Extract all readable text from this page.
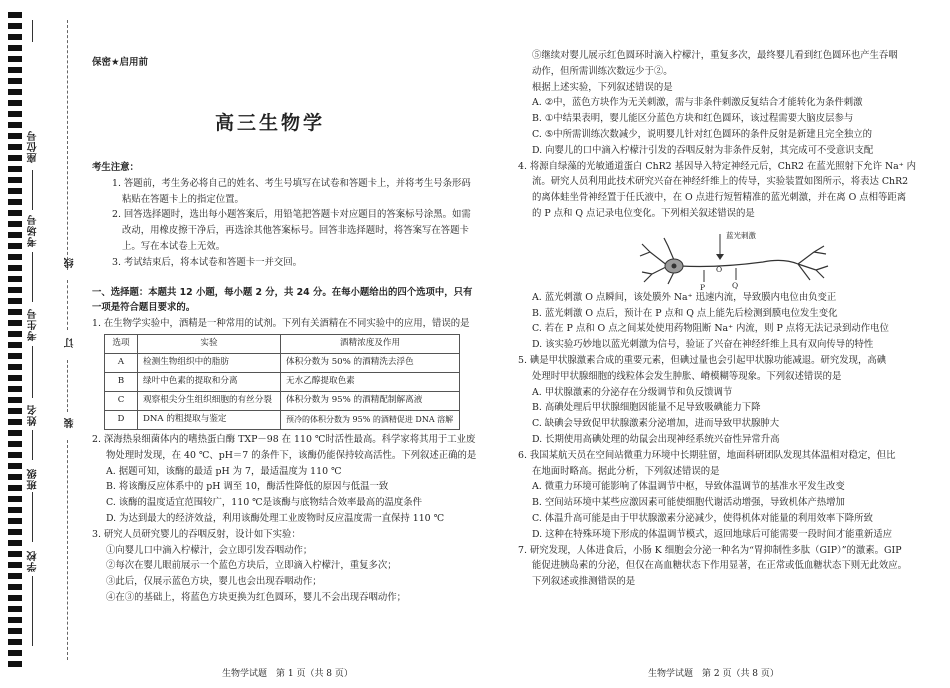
座位号
考场号
考生号
姓名
班级
学校
线
订
装
保密★启用前
高三生物学

考生注意：

1. 答题前，考生务必将自己的姓名、考生号填写在试卷和答题卡上，并将考生号条形码粘贴在答题卡上的指定位置。

2. 回答选择题时，选出每小题答案后，用铅笔把答题卡对应题目的答案标号涂黑。如需改动，用橡皮擦干净后，再选涂其他答案标号。回答非选择题时，将答案写在答题卡上。写在本试卷上无效。

3. 考试结束后，将本试卷和答题卡一并交回。

一、选择题：本题共 12 小题，每小题 2 分，共 24 分。在每小题给出的四个选项中，只有一项是符合题目要求的。

1. 在生物学实验中，酒精是一种常用的试剂。下列有关酒精在不同实验中的应用，错误的是

选项	实验	酒精浓度及作用
A	检测生物组织中的脂肪	体积分数为 50% 的酒精洗去浮色
B	绿叶中色素的提取和分离	无水乙醇提取色素
C	观察根尖分生组织细胞的有丝分裂	体积分数为 95% 的酒精配制解离液
D	DNA 的粗提取与鉴定	预冷的体积分数为 95% 的酒精促进 DNA 溶解

2. 深海热泉细菌体内的嗜热蛋白酶 TXP－98 在 110 ℃时活性最高。科学家将其用于工业废

物处理时发现，在 40 ℃、pH＝7 的条件下，该酶仍能保持较高活性。下列叙述正确的是

A. 据题可知，该酶的最适 pH 为 7，最适温度为 110 ℃

B. 将该酶反应体系中的 pH 调至 10，酶活性降低的原因与低温一致

C. 该酶的温度适宜范围较广，110 ℃是该酶与底物结合效率最高的温度条件

D. 为达到最大的经济效益，利用该酶处理工业废物时反应温度需一直保持 110 ℃

3. 研究人员研究婴儿的吞咽反射，设计如下实验：

①向婴儿口中滴入柠檬汁，会立即引发吞咽动作；

②每次在婴儿眼前展示一个蓝色方块后，立即滴入柠檬汁，重复多次；

③此后，仅展示蓝色方块，婴儿也会出现吞咽动作；

④在③的基础上，将蓝色方块更换为红色圆环，婴儿不会出现吞咽动作；

⑤继续对婴儿展示红色圆环时滴入柠檬汁，重复多次，最终婴儿看到红色圆环也产生吞咽

动作，但所需训练次数远少于②。

根据上述实验，下列叙述错误的是

A. ②中，蓝色方块作为无关刺激，需与非条件刺激反复结合才能转化为条件刺激

B. ①中结果表明，婴儿能区分蓝色方块和红色圆环，该过程需要大脑皮层参与

C. ⑤中所需训练次数减少，说明婴儿针对红色圆环的条件反射是新建且完全独立的

D. 向婴儿的口中滴入柠檬汁引发的吞咽反射为非条件反射，其完成可不受意识支配

4. 将源自绿藻的光敏通道蛋白 ChR2 基因导入特定神经元后，ChR2 在蓝光照射下允许 Na⁺ 内

流。研究人员利用此技术研究兴奋在神经纤维上的传导，实验装置如图所示，将表达 ChR2

的离体蛙坐骨神经置于任氏液中，在 O 点进行短暂精准的蓝光刺激，并在离 O 点相等距离

的 P 点和 Q 点记录电位变化。下列相关叙述错误的是

蓝光刺激
P
O
Q

A. 蓝光刺激 O 点瞬间，该处膜外 Na⁺ 迅速内流，导致膜内电位由负变正

B. 蓝光刺激 O 点后，预计在 P 点和 Q 点上能先后检测到膜电位发生变化

C. 若在 P 点和 O 点之间某处使用药物阻断 Na⁺ 内流，则 P 点将无法记录到动作电位

D. 该实验巧妙地以蓝光刺激为信号，验证了兴奋在神经纤维上具有双向传导的特性

5. 碘是甲状腺激素合成的重要元素，但碘过量也会引起甲状腺功能减退。研究发现，高碘

处理时甲状腺细胞的线粒体会发生肿胀、嵴模糊等现象。下列叙述错误的是

A. 甲状腺激素的分泌存在分级调节和负反馈调节

B. 高碘处理后甲状腺细胞因能量不足导致吸碘能力下降

C. 缺碘会导致促甲状腺激素分泌增加，进而导致甲状腺肿大

D. 长期使用高碘处理的幼鼠会出现神经系统兴奋性异常升高

6. 我国某航天员在空间站微重力环境中长期驻留，地面科研团队发现其体温相对稳定，但比

在地面时略高。据此分析，下列叙述错误的是

A. 微重力环境可能影响了体温调节中枢，导致体温调节的基准水平发生改变

B. 空间站环境中某些应激因素可能使细胞代谢活动增强，导致机体产热增加

C. 体温升高可能是由于甲状腺激素分泌减少，使得机体对能量的利用效率下降所致

D. 这种在特殊环境下形成的体温调节模式，返回地球后可能需要一段时间才能重新适应

7. 研究发现，人体进食后，小肠 K 细胞会分泌一种名为“胃抑制性多肽（GIP）”的激素。GIP

能促进胰岛素的分泌，但仅在高血糖状态下作用显著，在正常或低血糖状态下则无此效应。

下列叙述或推测错误的是

生物学试题　第 1 页（共 8 页）	生物学试题　第 2 页（共 8 页）
